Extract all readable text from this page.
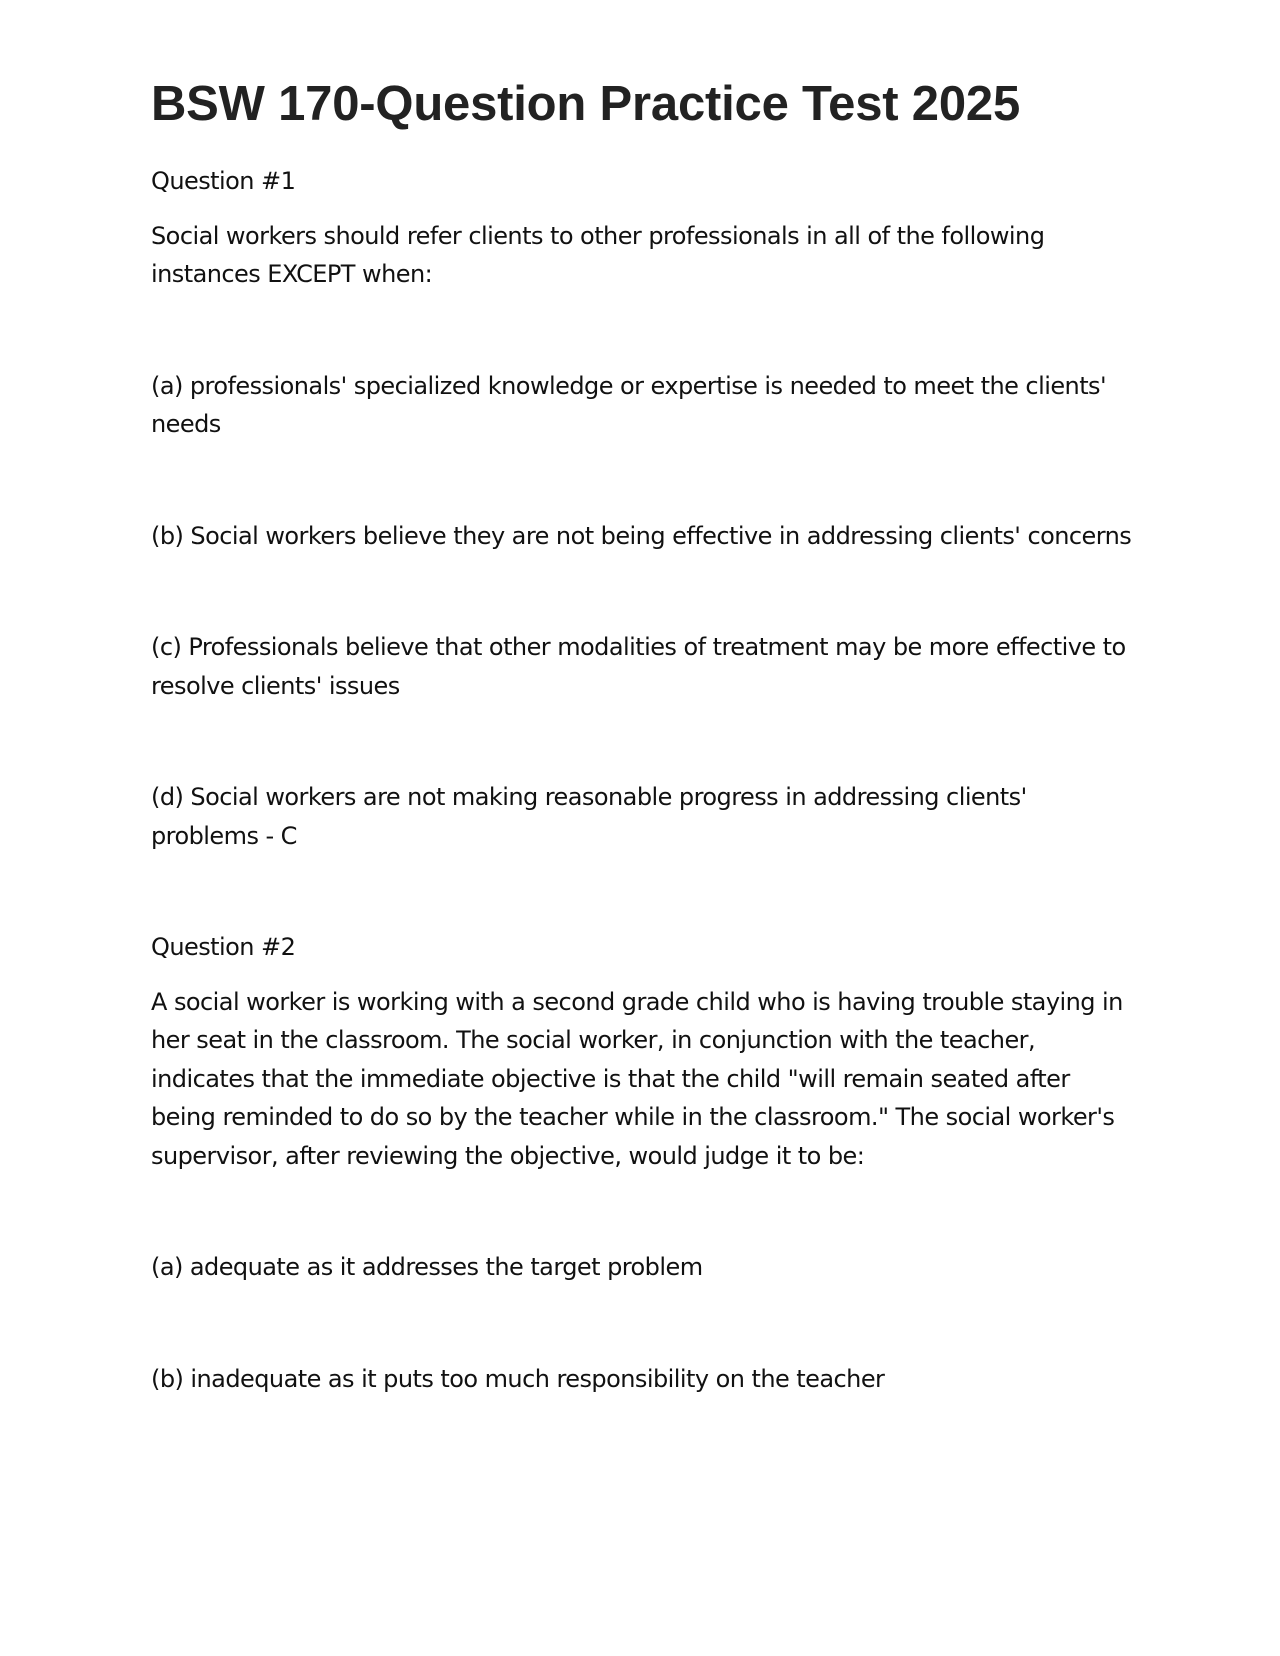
BSW 170-Question Practice Test 2025

Question #1

Social workers should refer clients to other professionals in all of the following instances EXCEPT when:

(a) professionals' specialized knowledge or expertise is needed to meet the clients' needs

(b) Social workers believe they are not being effective in addressing clients' concerns

(c) Professionals believe that other modalities of treatment may be more effective to resolve clients' issues

(d) Social workers are not making reasonable progress in addressing clients' problems - C

Question #2

A social worker is working with a second grade child who is having trouble staying in her seat in the classroom. The social worker, in conjunction with the teacher, indicates that the immediate objective is that the child "will remain seated after being reminded to do so by the teacher while in the classroom." The social worker's supervisor, after reviewing the objective, would judge it to be:

(a) adequate as it addresses the target problem

(b) inadequate as it puts too much responsibility on the teacher
